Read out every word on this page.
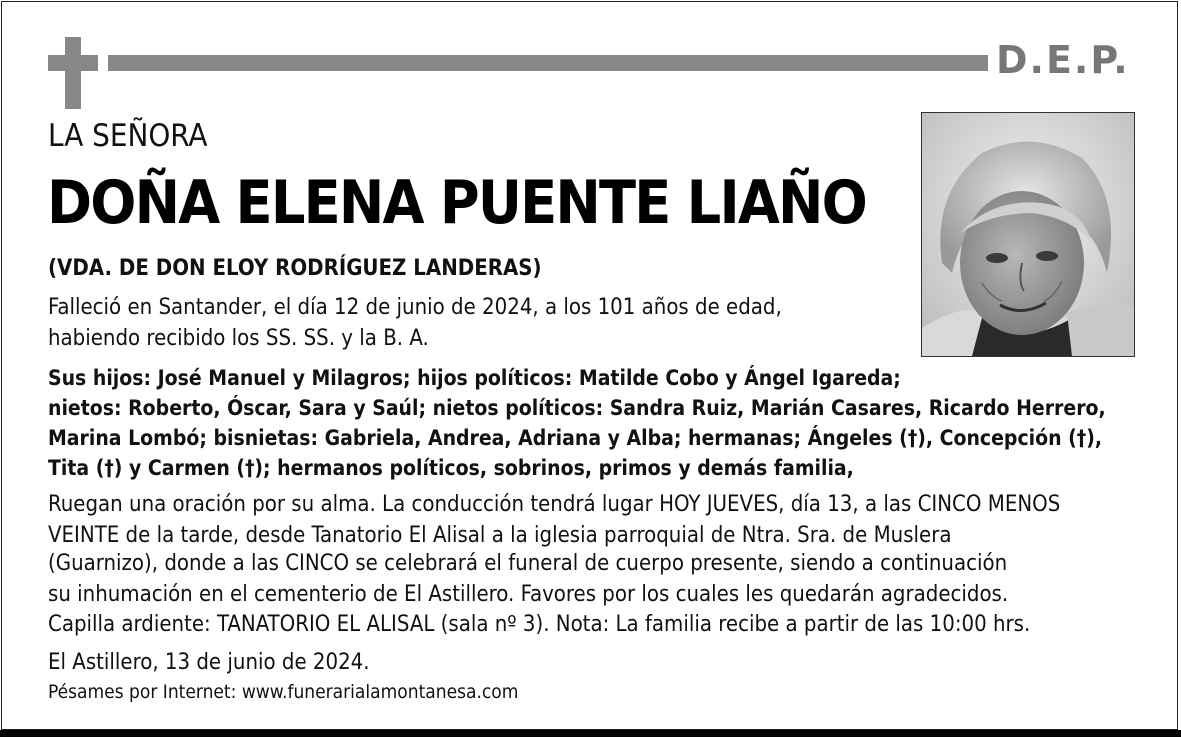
D.E.P.
LA SEÑORA
DOÑA ELENA PUENTE LIAÑO
(VDA. DE DON ELOY RODRÍGUEZ LANDERAS)
Falleció en Santander, el día 12 de junio de 2024, a los 101 años de edad,
habiendo recibido los SS. SS. y la B. A.
Sus hijos: José Manuel y Milagros; hijos políticos: Matilde Cobo y Ángel Igareda;
nietos: Roberto, Óscar, Sara y Saúl; nietos políticos: Sandra Ruiz, Marián Casares, Ricardo Herrero,
Marina Lombó; bisnietas: Gabriela, Andrea, Adriana y Alba; hermanas; Ángeles (†), Concepción (†),
Tita (†) y Carmen (†); hermanos políticos, sobrinos, primos y demás familia,
Ruegan una oración por su alma. La conducción tendrá lugar HOY JUEVES, día 13, a las CINCO MENOS
VEINTE de la tarde, desde Tanatorio El Alisal a la iglesia parroquial de Ntra. Sra. de Muslera
(Guarnizo), donde a las CINCO se celebrará el funeral de cuerpo presente, siendo a continuación
su inhumación en el cementerio de El Astillero. Favores por los cuales les quedarán agradecidos.
Capilla ardiente: TANATORIO EL ALISAL (sala nº 3). Nota: La familia recibe a partir de las 10:00 hrs.
El Astillero, 13 de junio de 2024.
Pésames por Internet: www.funerarialamontanesa.com
